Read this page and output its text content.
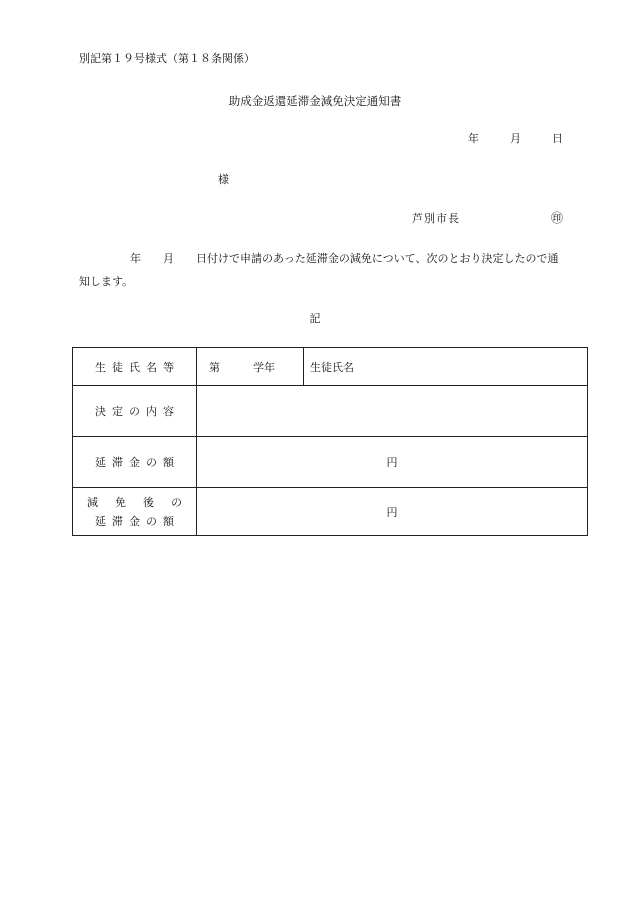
別記第１９号様式（第１８条関係）
助成金返還延滞金減免決定通知書
年	月	日
様
芦別市長	㊞
年　　月　　日付けで申請のあった延滞金の減免について、次のとおり決定したので通
知します。
記
生徒氏名等	第 学年	生徒氏名
決定の内容		
延滞金の額	円	

減免後の
延滞金の額	円	
